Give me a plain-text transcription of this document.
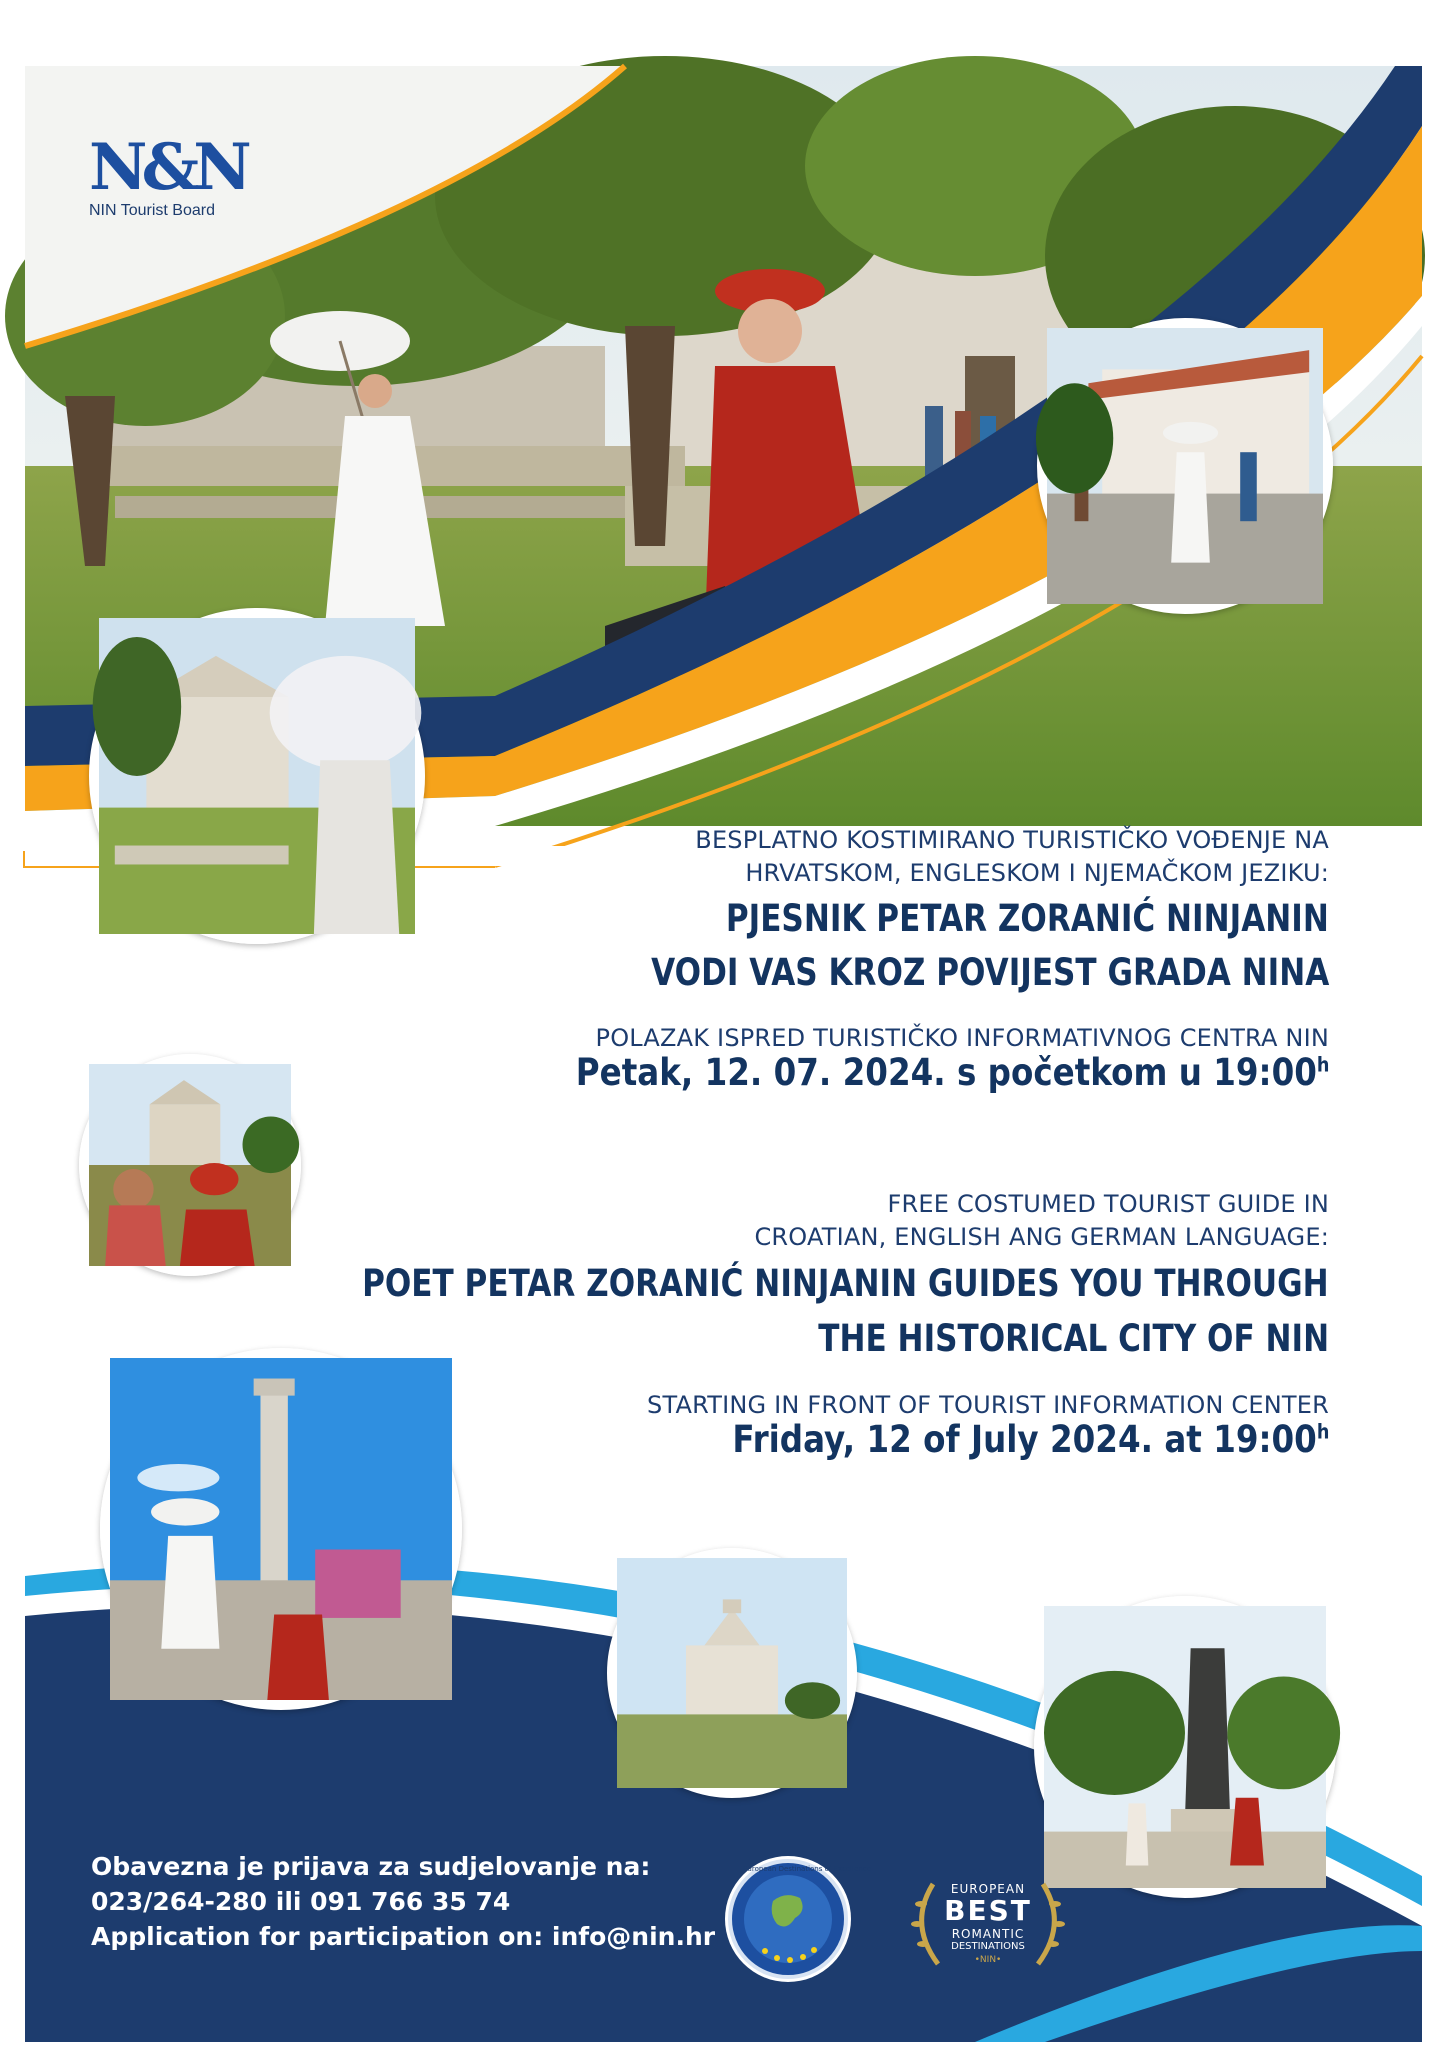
N&N
NIN Tourist Board
BESPLATNO KOSTIMIRANO TURISTIČKO VOĐENJE NA
HRVATSKOM, ENGLESKOM I NJEMAČKOM JEZIKU:
PJESNIK PETAR ZORANIĆ NINJANIN
VODI VAS KROZ POVIJEST GRADA NINA
POLAZAK ISPRED TURISTIČKO INFORMATIVNOG CENTRA NIN
Petak, 12. 07. 2024. s početkom u 19:00$^h$
FREE COSTUMED TOURIST GUIDE IN
CROATIAN, ENGLISH ANG GERMAN LANGUAGE:
POET PETAR ZORANIĆ NINJANIN GUIDES YOU THROUGH
THE HISTORICAL CITY OF NIN
STARTING IN FRONT OF TOURIST INFORMATION CENTER
Friday, 12 of July 2024. at 19:00$^h$
Obavezna je prijava za sudjelovanje na:
023/264-280 ili 091 766 35 74
Application for participation on: info@nin.hr
European Destinations of Excellence
EUROPEAN
BEST
ROMANTIC
DESTINATIONS
•NIN•
